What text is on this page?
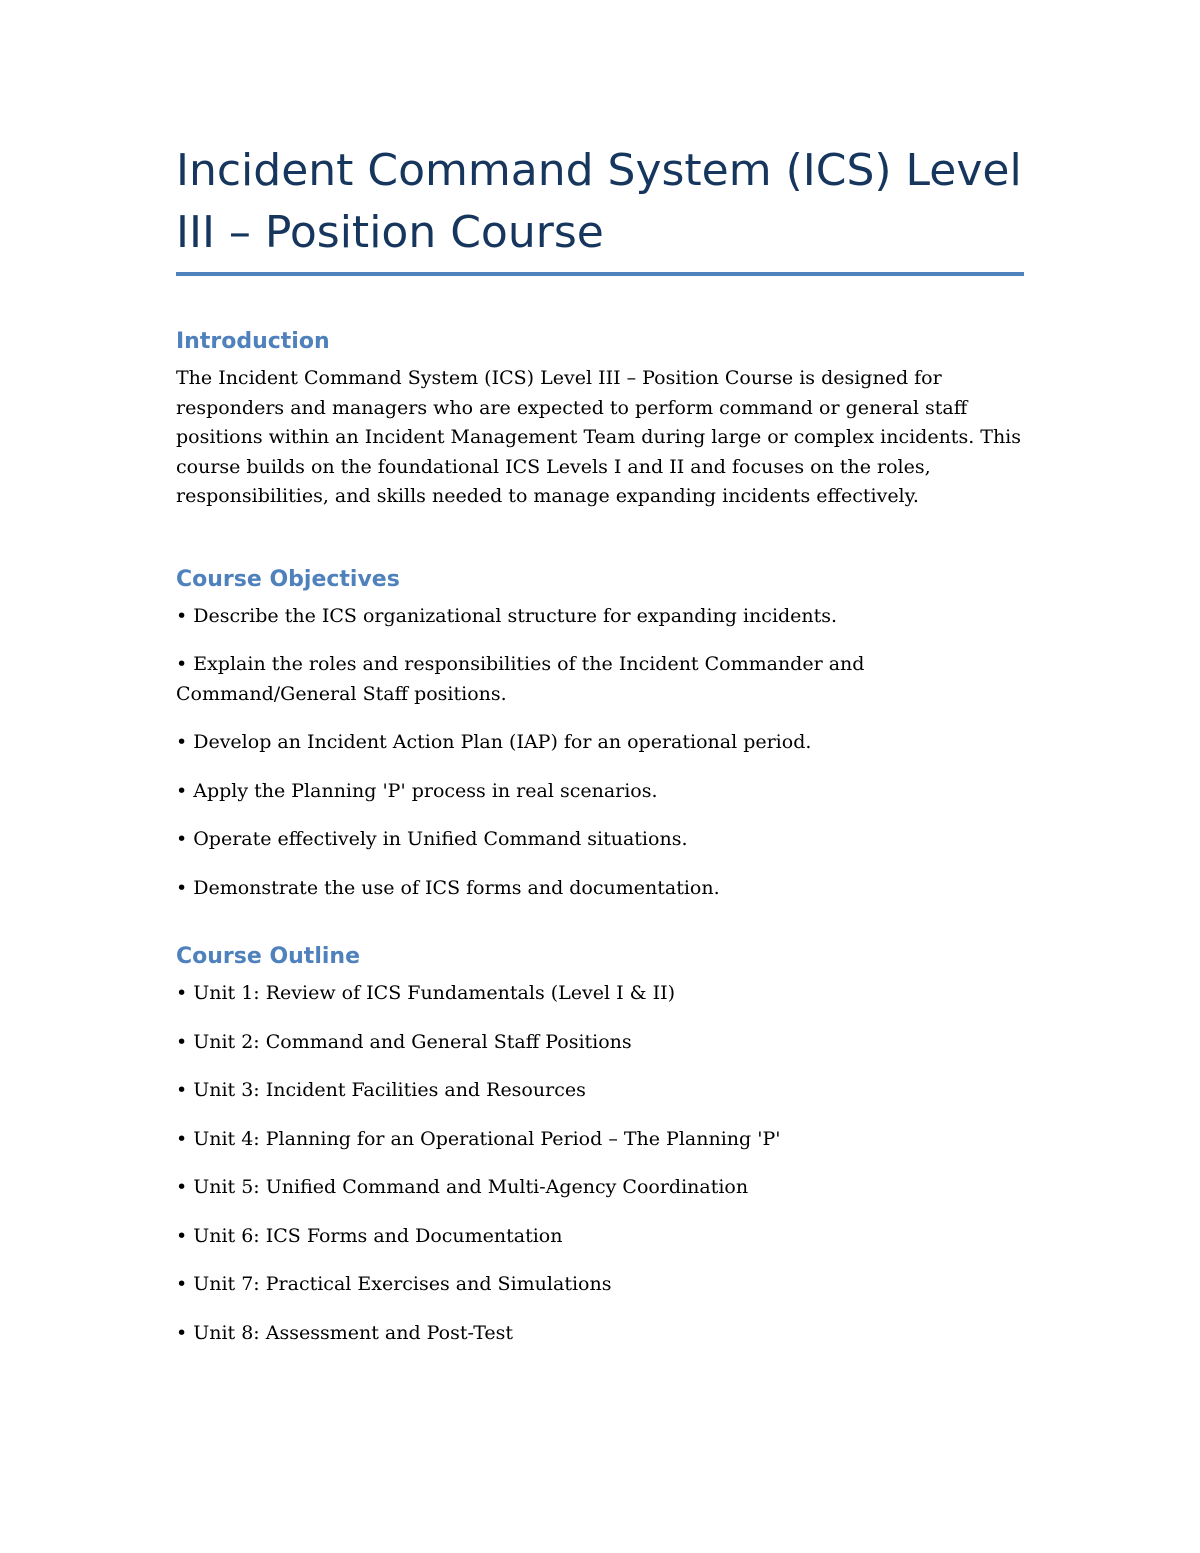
Incident Command System (ICS) Level III – Position Course
Introduction

The Incident Command System (ICS) Level III – Position Course is designed for responders and managers who are expected to perform command or general staff positions within an Incident Management Team during large or complex incidents. This course builds on the foundational ICS Levels I and II and focuses on the roles, responsibilities, and skills needed to manage expanding incidents effectively.

Course Objectives
• Describe the ICS organizational structure for expanding incidents.
• Explain the roles and responsibilities of the Incident Commander and Command/General Staff positions.
• Develop an Incident Action Plan (IAP) for an operational period.
• Apply the Planning 'P' process in real scenarios.
• Operate effectively in Unified Command situations.
• Demonstrate the use of ICS forms and documentation.
Course Outline
• Unit 1: Review of ICS Fundamentals (Level I & II)
• Unit 2: Command and General Staff Positions
• Unit 3: Incident Facilities and Resources
• Unit 4: Planning for an Operational Period – The Planning 'P'
• Unit 5: Unified Command and Multi-Agency Coordination
• Unit 6: ICS Forms and Documentation
• Unit 7: Practical Exercises and Simulations
• Unit 8: Assessment and Post-Test
